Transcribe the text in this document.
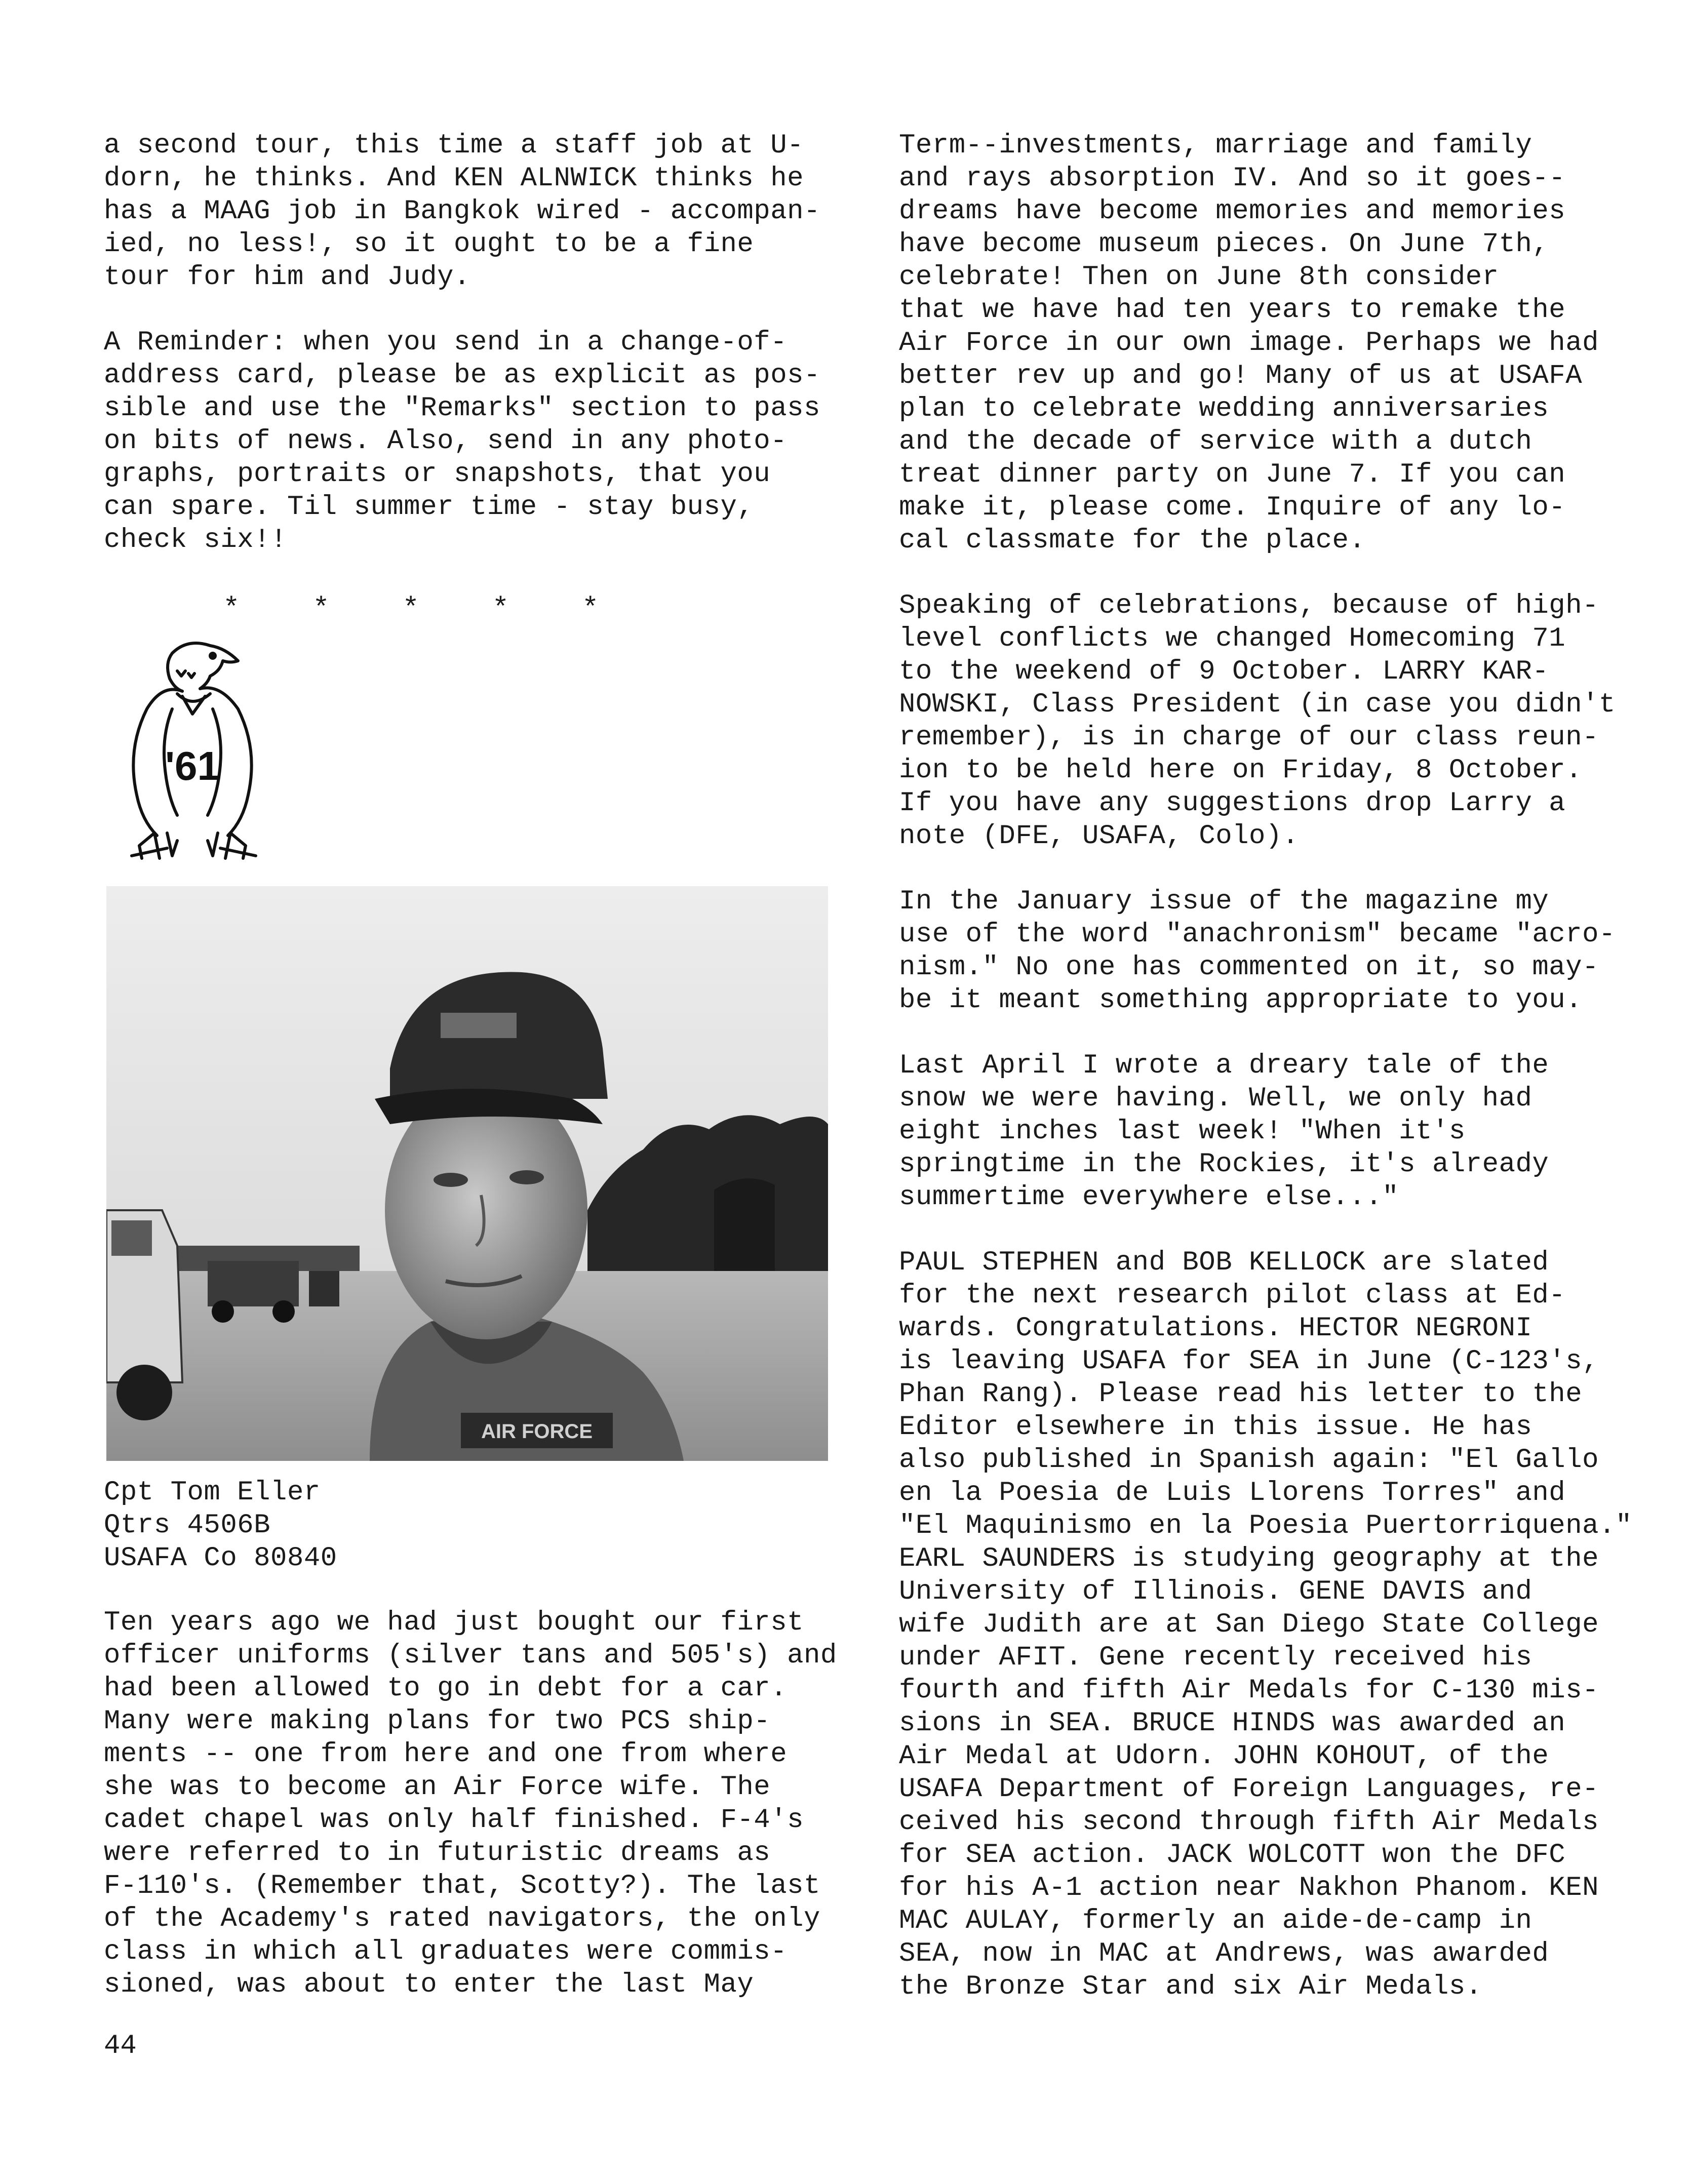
a second tour, this time a staff job at U-
dorn, he thinks. And KEN ALNWICK thinks he
has a MAAG job in Bangkok wired - accompan-
ied, no less!, so it ought to be a fine
tour for him and Judy.

A Reminder: when you send in a change-of-
address card, please be as explicit as pos-
sible and use the "Remarks" section to pass
on bits of news. Also, send in any photo-
graphs, portraits or snapshots, that you
can spare. Til summer time - stay busy,
check six!!

* * * * *
'61
AIR FORCE

Cpt Tom Eller
Qtrs 4506B
USAFA Co 80840

Ten years ago we had just bought our first
officer uniforms (silver tans and 505's) and
had been allowed to go in debt for a car.
Many were making plans for two PCS ship-
ments -- one from here and one from where
she was to become an Air Force wife. The
cadet chapel was only half finished. F-4's
were referred to in futuristic dreams as
F-110's. (Remember that, Scotty?). The last
of the Academy's rated navigators, the only
class in which all graduates were commis-
sioned, was about to enter the last May

Term--investments, marriage and family
and rays absorption IV. And so it goes--
dreams have become memories and memories
have become museum pieces. On June 7th,
celebrate! Then on June 8th consider
that we have had ten years to remake the
Air Force in our own image. Perhaps we had
better rev up and go! Many of us at USAFA
plan to celebrate wedding anniversaries
and the decade of service with a dutch
treat dinner party on June 7. If you can
make it, please come. Inquire of any lo-
cal classmate for the place.

Speaking of celebrations, because of high-
level conflicts we changed Homecoming 71
to the weekend of 9 October. LARRY KAR-
NOWSKI, Class President (in case you didn't
remember), is in charge of our class reun-
ion to be held here on Friday, 8 October.
If you have any suggestions drop Larry a
note (DFE, USAFA, Colo).

In the January issue of the magazine my
use of the word "anachronism" became "acro-
nism." No one has commented on it, so may-
be it meant something appropriate to you.

Last April I wrote a dreary tale of the
snow we were having. Well, we only had
eight inches last week! "When it's
springtime in the Rockies, it's already
summertime everywhere else..."

PAUL STEPHEN and BOB KELLOCK are slated
for the next research pilot class at Ed-
wards. Congratulations. HECTOR NEGRONI
is leaving USAFA for SEA in June (C-123's,
Phan Rang). Please read his letter to the
Editor elsewhere in this issue. He has
also published in Spanish again: "El Gallo
en la Poesia de Luis Llorens Torres" and
"El Maquinismo en la Poesia Puertorriquena."
EARL SAUNDERS is studying geography at the
University of Illinois. GENE DAVIS and
wife Judith are at San Diego State College
under AFIT. Gene recently received his
fourth and fifth Air Medals for C-130 mis-
sions in SEA. BRUCE HINDS was awarded an
Air Medal at Udorn. JOHN KOHOUT, of the
USAFA Department of Foreign Languages, re-
ceived his second through fifth Air Medals
for SEA action. JACK WOLCOTT won the DFC
for his A-1 action near Nakhon Phanom. KEN
MAC AULAY, formerly an aide-de-camp in
SEA, now in MAC at Andrews, was awarded
the Bronze Star and six Air Medals.

44
